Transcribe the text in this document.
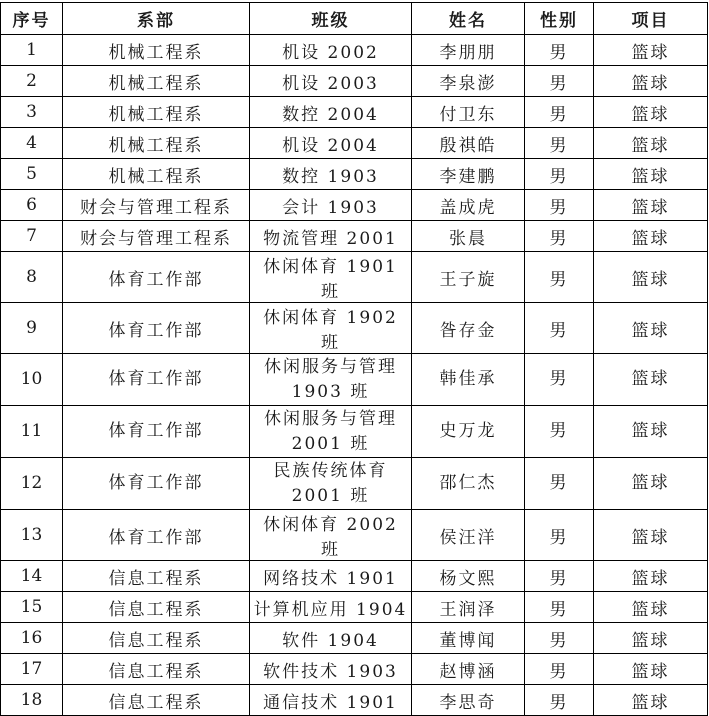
序号	系部	班级	姓名	性别	项目
1	机械工程系	机设 2002	李朋朋	男	篮球
2	机械工程系	机设 2003	李泉澎	男	篮球
3	机械工程系	数控 2004	付卫东	男	篮球
4	机械工程系	机设 2004	殷祺皓	男	篮球
5	机械工程系	数控 1903	李建鹏	男	篮球
6	财会与管理工程系	会计 1903	盖成虎	男	篮球
7	财会与管理工程系	物流管理 2001	张晨	男	篮球
8	体育工作部	休闲体育 1901 班	王子旋	男	篮球
9	体育工作部	休闲体育 1902 班	昝存金	男	篮球
10	体育工作部	休闲服务与管理 1903 班	韩佳承	男	篮球
11	体育工作部	休闲服务与管理 2001 班	史万龙	男	篮球
12	体育工作部	民族传统体育 2001 班	邵仁杰	男	篮球
13	体育工作部	休闲体育 2002 班	侯汪洋	男	篮球
14	信息工程系	网络技术 1901	杨文熙	男	篮球
15	信息工程系	计算机应用 1904	王润泽	男	篮球
16	信息工程系	软件 1904	董博闻	男	篮球
17	信息工程系	软件技术 1903	赵博涵	男	篮球
18	信息工程系	通信技术 1901	李思奇	男	篮球
